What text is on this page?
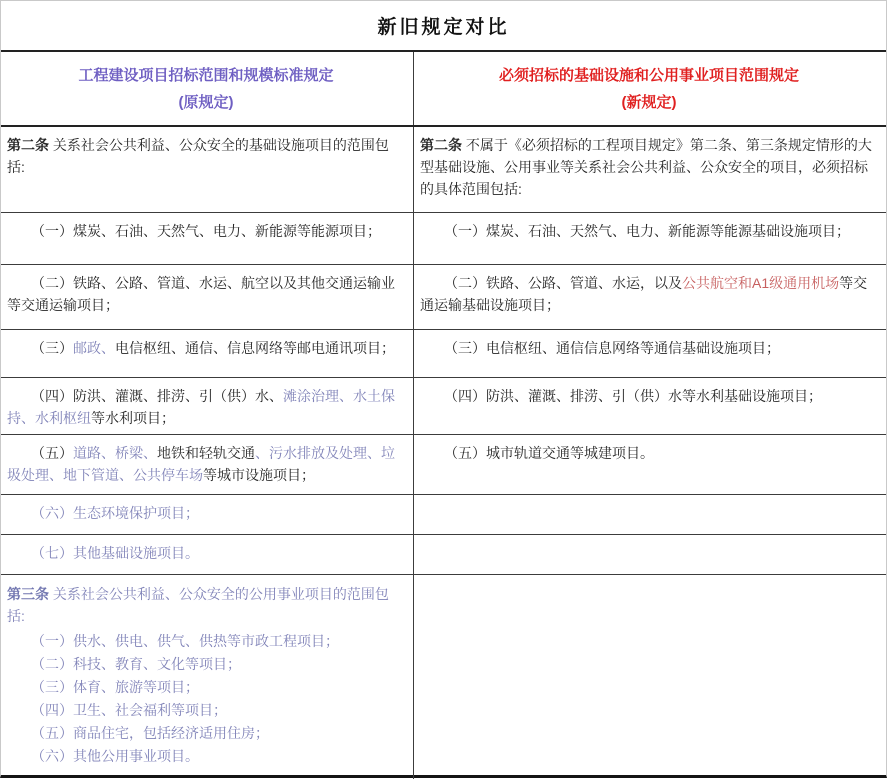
新旧规定对比
工程建设项目招标范围和规模标准规定
(原规定)
必须招标的基础设施和公用事业项目范围规定
(新规定)

第二条 关系社会公共利益、公众安全的基础设施项目的范围包括:

第二条 不属于《必须招标的工程项目规定》第二条、第三条规定情形的大型基础设施、公用事业等关系社会公共利益、公众安全的项目，必须招标的具体范围包括:

（一）煤炭、石油、天然气、电力、新能源等能源项目；	（一）煤炭、石油、天然气、电力、新能源等能源基础设施项目；

（二）铁路、公路、管道、水运、航空以及其他交通运输业等交通运输项目；

（二）铁路、公路、管道、水运，以及公共航空和A1级通用机场等交通运输基础设施项目；

（三）邮政、电信枢纽、通信、信息网络等邮电通讯项目；	（三）电信枢纽、通信信息网络等通信基础设施项目；

（四）防洪、灌溉、排涝、引（供）水、滩涂治理、水土保持、水利枢纽等水利项目；

（四）防洪、灌溉、排涝、引（供）水等水利基础设施项目；

（五）道路、桥梁、地铁和轻轨交通、污水排放及处理、垃圾处理、地下管道、公共停车场等城市设施项目；

（五）城市轨道交通等城建项目。

（六）生态环境保护项目；

（七）其他基础设施项目。

第三条 关系社会公共利益、公众安全的公用事业项目的范围包括:

（一）供水、供电、供气、供热等市政工程项目；

（二）科技、教育、文化等项目；

（三）体育、旅游等项目；

（四）卫生、社会福利等项目；

（五）商品住宅，包括经济适用住房；

（六）其他公用事业项目。
